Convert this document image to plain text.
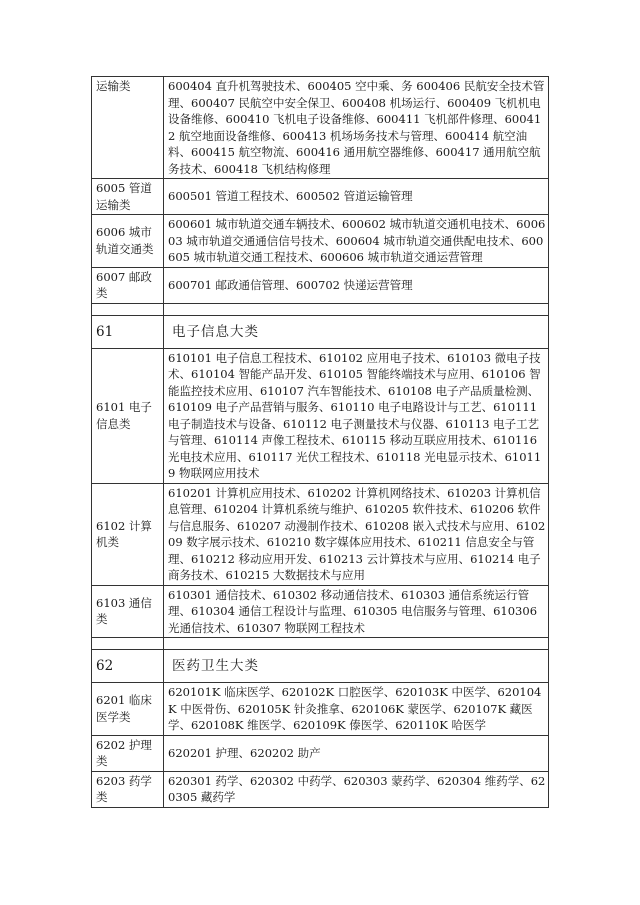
运输类	600404 直升机驾驶技术、600405 空中乘、务 600406 民航安全技术管理、600407 民航空中安全保卫、600408 机场运行、600409 飞机机电设备维修、600410 飞机电子设备维修、600411 飞机部件修理、600412 航空地面设备维修、600413 机场场务技术与管理、600414 航空油料、600415 航空物流、600416 通用航空器维修、600417 通用航空航务技术、600418 飞机结构修理

6005 管道运输类	600501 管道工程技术、600502 管道运输管理

6006 城市轨道交通类	600601 城市轨道交通车辆技术、600602 城市轨道交通机电技术、600603 城市轨道交通通信信号技术、600604 城市轨道交通供配电技术、600605 城市轨道交通工程技术、600606 城市轨道交通运营管理

6007 邮政类	600701 邮政通信管理、600702 快递运营管理

61	电子信息大类

6101 电子信息类	610101 电子信息工程技术、610102 应用电子技术、610103 微电子技术、610104 智能产品开发、610105 智能终端技术与应用、610106 智能监控技术应用、610107 汽车智能技术、610108 电子产品质量检测、610109 电子产品营销与服务、610110 电子电路设计与工艺、610111 电子制造技术与设备、610112 电子测量技术与仪器、610113 电子工艺与管理、610114 声像工程技术、610115 移动互联应用技术、610116 光电技术应用、610117 光伏工程技术、610118 光电显示技术、610119 物联网应用技术

6102 计算机类	610201 计算机应用技术、610202 计算机网络技术、610203 计算机信息管理、610204 计算机系统与维护、610205 软件技术、610206 软件与信息服务、610207 动漫制作技术、610208 嵌入式技术与应用、610209 数字展示技术、610210 数字媒体应用技术、610211 信息安全与管理、610212 移动应用开发、610213 云计算技术与应用、610214 电子商务技术、610215 大数据技术与应用

6103 通信类	610301 通信技术、610302 移动通信技术、610303 通信系统运行管理、610304 通信工程设计与监理、610305 电信服务与管理、610306 光通信技术、610307 物联网工程技术

62	医药卫生大类

6201 临床医学类	620101K 临床医学、620102K 口腔医学、620103K 中医学、620104K 中医骨伤、620105K 针灸推拿、620106K 蒙医学、620107K 藏医学、620108K 维医学、620109K 傣医学、620110K 哈医学

6202 护理类	620201 护理、620202 助产

6203 药学类	620301 药学、620302 中药学、620303 蒙药学、620304 维药学、620305 藏药学
